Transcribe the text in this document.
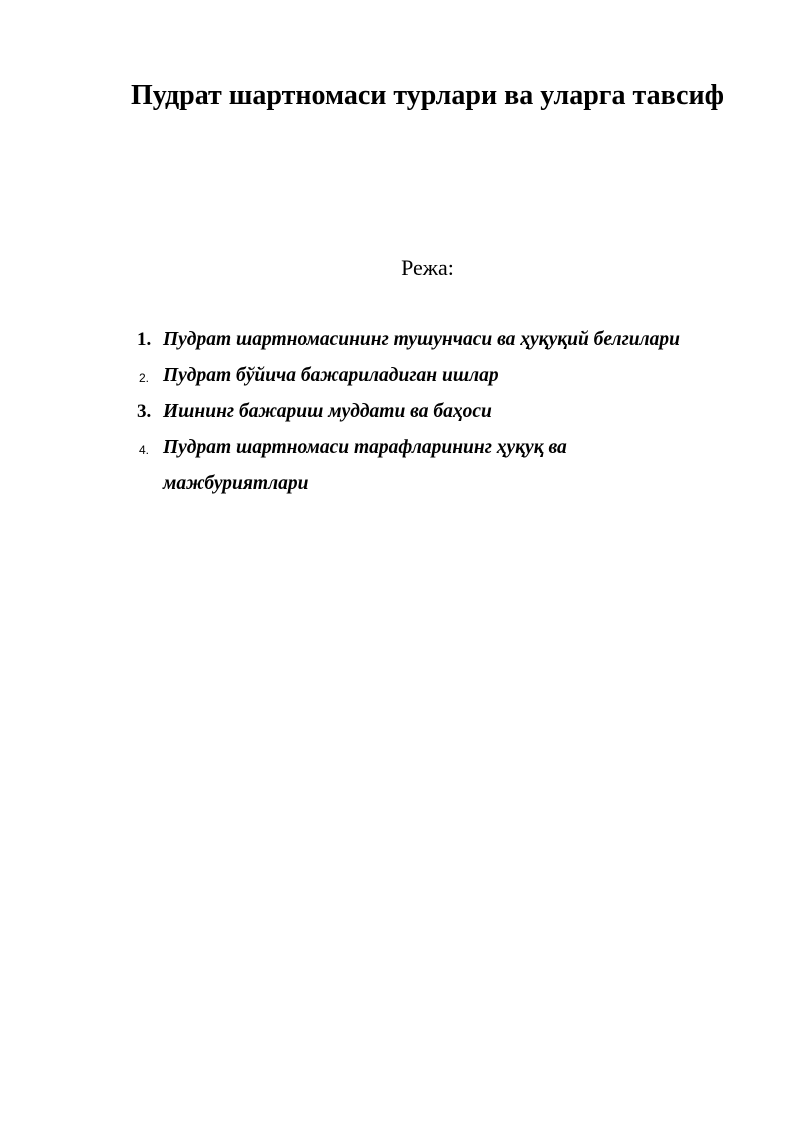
Пудрат шартномаси турлари ва уларга тавсиф

Режа:

1. Пудрат шартномасининг тушунчаси ва ҳуқуқий белгилари
2. Пудрат бўйича бажариладиган ишлар
3. Ишнинг бажариш муддати ва баҳоси
4. Пудрат шартномаси тарафларининг ҳуқуқ ва мажбуриятлари
